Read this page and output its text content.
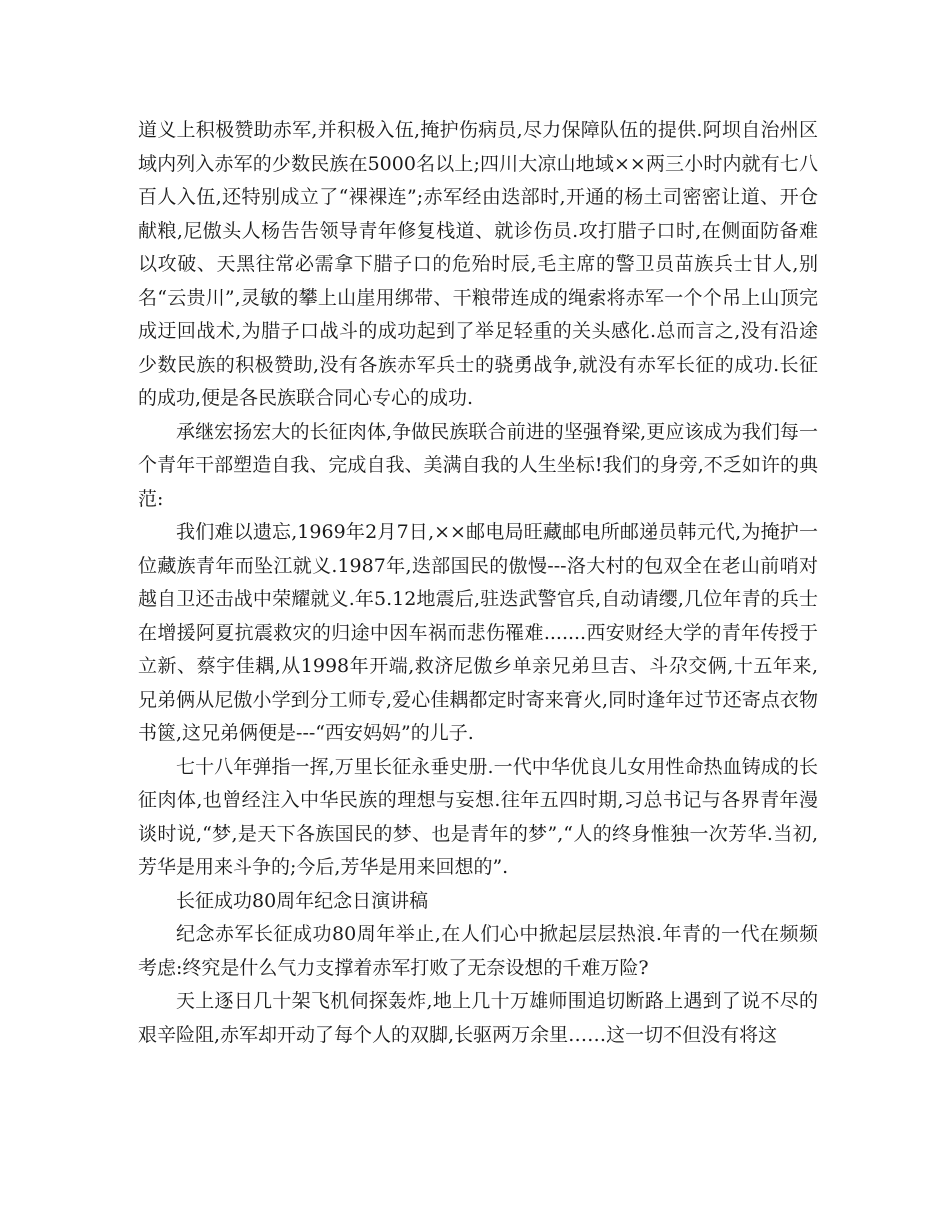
道义上积极赞助赤军,并积极入伍,掩护伤病员,尽力保障队伍的提供.阿坝自治州区域内列入赤军的少数民族在5000名以上;四川大凉山地域××两三小时内就有七八百人入伍,还特别成立了“裸裸连”;赤军经由迭部时,开通的杨土司密密让道、开仓献粮,尼傲头人杨告告领导青年修复栈道、就诊伤员.攻打腊子口时,在侧面防备难以攻破、天黑往常必需拿下腊子口的危殆时辰,毛主席的警卫员苗族兵士甘人,别名“云贵川”,灵敏的攀上山崖用绑带、干粮带连成的绳索将赤军一个个吊上山顶完成迂回战术,为腊子口战斗的成功起到了举足轻重的关头感化.总而言之,没有沿途少数民族的积极赞助,没有各族赤军兵士的骁勇战争,就没有赤军长征的成功.长征的成功,便是各民族联合同心专心的成功.

承继宏扬宏大的长征肉体,争做民族联合前进的坚强脊梁,更应该成为我们每一个青年干部塑造自我、完成自我、美满自我的人生坐标!我们的身旁,不乏如许的典范:

我们难以遗忘,1969年2月7日,××邮电局旺藏邮电所邮递员韩元代,为掩护一位藏族青年而坠江就义.1987年,迭部国民的傲慢---洛大村的包双全在老山前哨对越自卫还击战中荣耀就义.年5.12地震后,驻迭武警官兵,自动请缨,几位年青的兵士在增援阿夏抗震救灾的归途中因车祸而悲伤罹难.......西安财经大学的青年传授于立新、蔡宇佳耦,从1998年开端,救济尼傲乡单亲兄弟旦吉、斗尕交俩,十五年来,兄弟俩从尼傲小学到分工师专,爱心佳耦都定时寄来膏火,同时逢年过节还寄点衣物书篋,这兄弟俩便是---“西安妈妈”的儿子.

七十八年弹指一挥,万里长征永垂史册.一代中华优良儿女用性命热血铸成的长征肉体,也曾经注入中华民族的理想与妄想.往年五四时期,习总书记与各界青年漫谈时说,“梦,是天下各族国民的梦、也是青年的梦”,“人的终身惟独一次芳华.当初,芳华是用来斗争的;今后,芳华是用来回想的”.

长征成功80周年纪念日演讲稿

纪念赤军长征成功80周年举止,在人们心中掀起层层热浪.年青的一代在频频考虑:终究是什么气力支撑着赤军打败了无奈设想的千难万险?

天上逐日几十架飞机伺探轰炸,地上几十万雄师围追切断路上遇到了说不尽的艰辛险阻,赤军却开动了每个人的双脚,长驱两万余里……这一切不但没有将这
